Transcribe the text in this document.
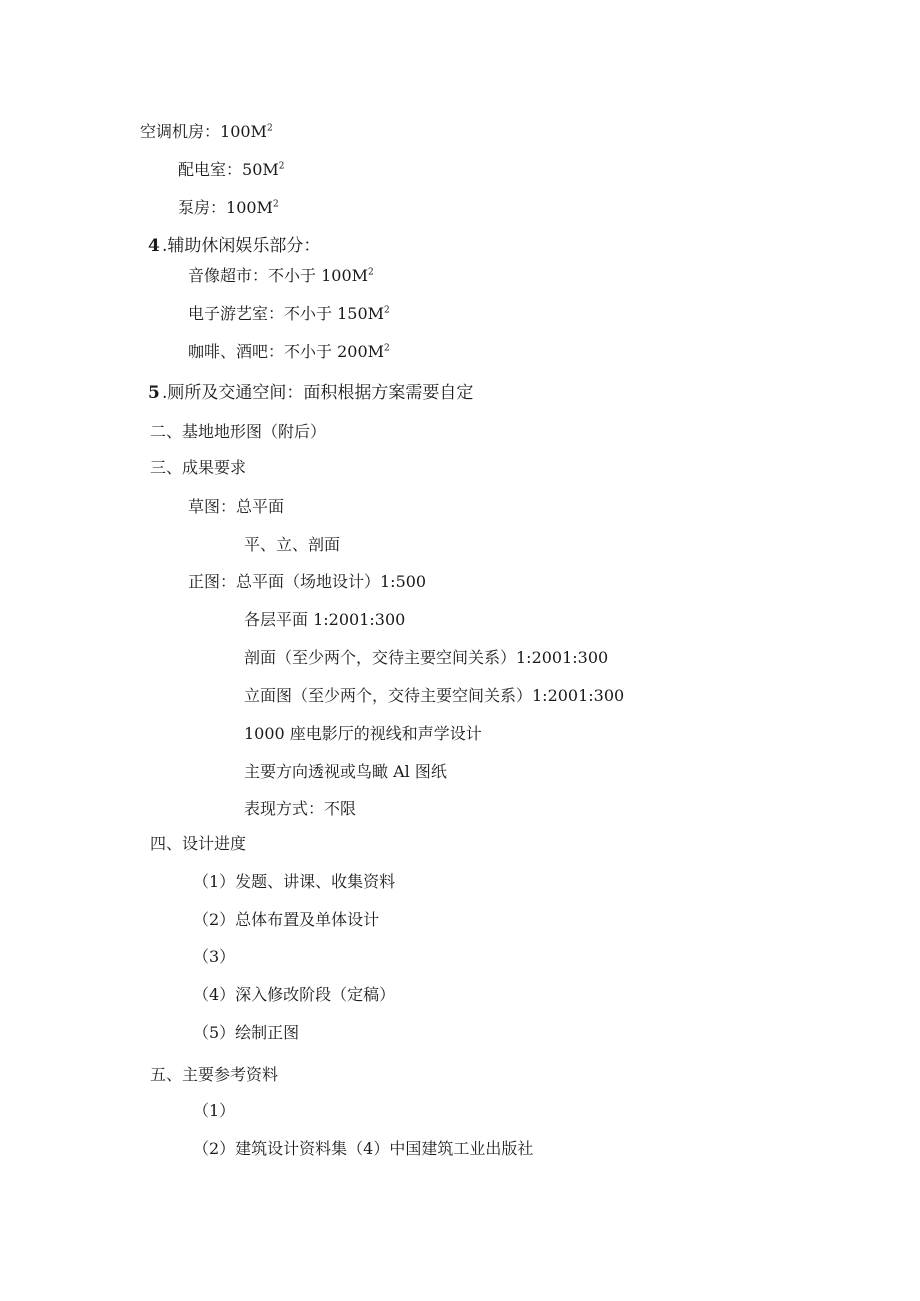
空调机房：$100M^2$
配电室：$50M^2$
泵房：$100M^2$
4 .辅助休闲娱乐部分：
音像超市：不小于 $100M^2$
电子游艺室：不小于 $150M^2$
咖啡、酒吧：不小于 $200M^2$
5 .厕所及交通空间：面积根据方案需要自定
二、基地地形图（附后）
三、成果要求
草图：总平面
平、立、剖面
正图：总平面（场地设计）1:500
各层平面 1:2001:300
剖面（至少两个，交待主要空间关系）1:2001:300
立面图（至少两个，交待主要空间关系）1:2001:300
1000 座电影厅的视线和声学设计
主要方向透视或鸟瞰 Al 图纸
表现方式：不限
四、设计进度
（1）发题、讲课、收集资料
（2）总体布置及单体设计
（3）
（4）深入修改阶段（定稿）
（5）绘制正图
五、主要参考资料
（1）
（2）建筑设计资料集（4）中国建筑工业出版社
